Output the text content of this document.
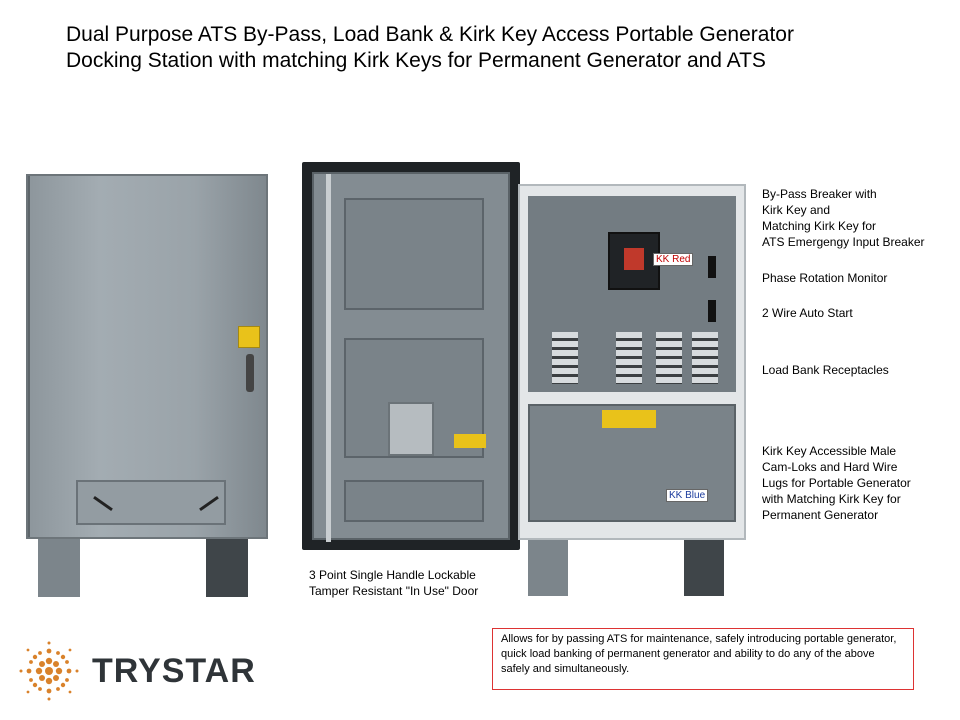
Dual Purpose ATS By-Pass, Load Bank & Kirk Key Access Portable Generator
Docking Station with matching Kirk Keys for Permanent Generator and ATS
KK Red
KK Blue
By-Pass Breaker with
Kirk Key and
Matching Kirk Key for
ATS Emergengy Input Breaker
Phase Rotation Monitor
2 Wire Auto Start
Load Bank Receptacles
Kirk Key Accessible Male
Cam-Loks and Hard Wire
Lugs for Portable Generator
with Matching Kirk Key for
Permanent Generator
3 Point Single Handle Lockable
Tamper Resistant "In Use" Door
TRYSTAR
Allows for by passing ATS for maintenance, safely introducing portable generator, quick load banking of permanent generator and ability to do any of the above safely and simultaneously.
